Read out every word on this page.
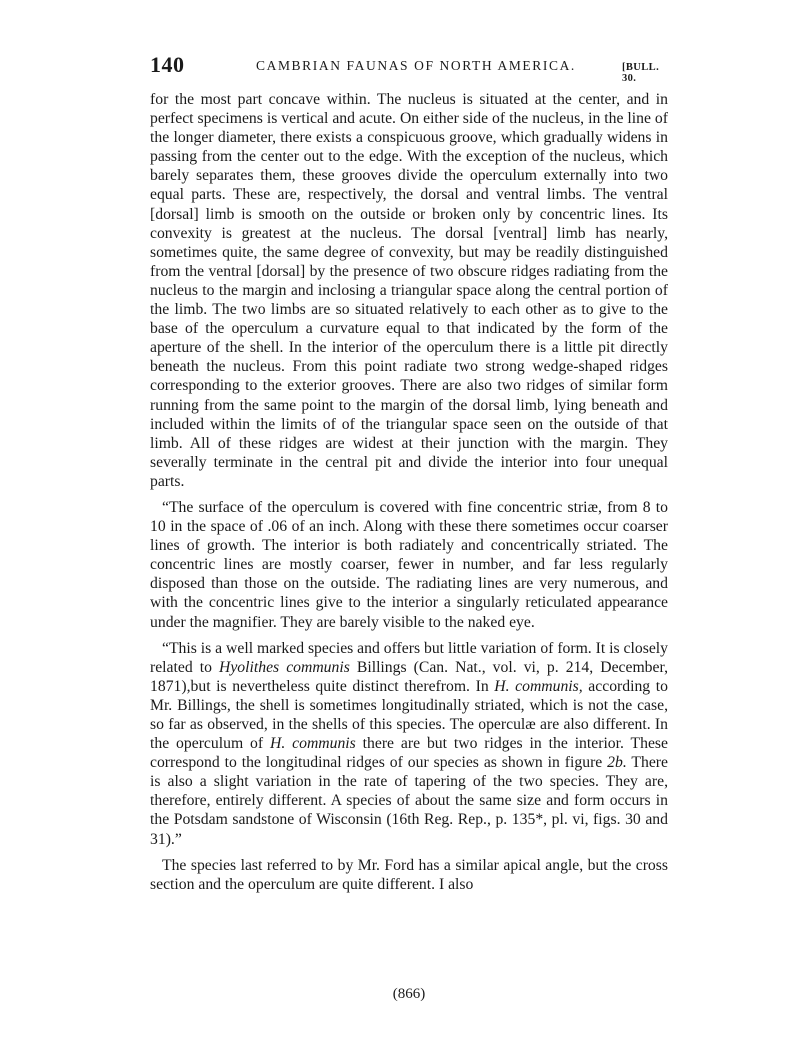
140	CAMBRIAN FAUNAS OF NORTH AMERICA.	[BULL. 30.

for the most part concave within. The nucleus is situated at the center, and in perfect specimens is vertical and acute. On either side of the nucleus, in the line of the longer diameter, there exists a conspicuous groove, which gradually widens in passing from the center out to the edge. With the exception of the nucleus, which barely separates them, these grooves divide the operculum externally into two equal parts. These are, respectively, the dorsal and ventral limbs. The ventral [dorsal] limb is smooth on the outside or broken only by concentric lines. Its convexity is greatest at the nucleus. The dorsal [ventral] limb has nearly, sometimes quite, the same degree of convexity, but may be readily distinguished from the ventral [dorsal] by the presence of two obscure ridges radiating from the nucleus to the margin and inclosing a triangular space along the central portion of the limb. The two limbs are so situated relatively to each other as to give to the base of the operculum a curvature equal to that indicated by the form of the aperture of the shell. In the interior of the operculum there is a little pit directly beneath the nucleus. From this point radiate two strong wedge-shaped ridges corresponding to the exterior grooves. There are also two ridges of similar form running from the same point to the margin of the dorsal limb, lying beneath and included within the limits of of the triangular space seen on the outside of that limb. All of these ridges are widest at their junction with the margin. They severally terminate in the central pit and divide the interior into four unequal parts.

“The surface of the operculum is covered with fine concentric striæ, from 8 to 10 in the space of .06 of an inch. Along with these there sometimes occur coarser lines of growth. The interior is both radiately and concentrically striated. The concentric lines are mostly coarser, fewer in number, and far less regularly disposed than those on the outside. The radiating lines are very numerous, and with the concentric lines give to the interior a singularly reticulated appearance under the magnifier. They are barely visible to the naked eye.

“This is a well marked species and offers but little variation of form. It is closely related to Hyolithes communis Billings (Can. Nat., vol. vi, p. 214, December, 1871),but is nevertheless quite distinct therefrom. In H. communis, according to Mr. Billings, the shell is sometimes longitudinally striated, which is not the case, so far as observed, in the shells of this species. The operculæ are also different. In the operculum of H. communis there are but two ridges in the interior. These correspond to the longitudinal ridges of our species as shown in figure 2b. There is also a slight variation in the rate of tapering of the two species. They are, therefore, entirely different. A species of about the same size and form occurs in the Potsdam sandstone of Wisconsin (16th Reg. Rep., p. 135*, pl. vi, figs. 30 and 31).”

The species last referred to by Mr. Ford has a similar apical angle, but the cross section and the operculum are quite different. I also

(866)
